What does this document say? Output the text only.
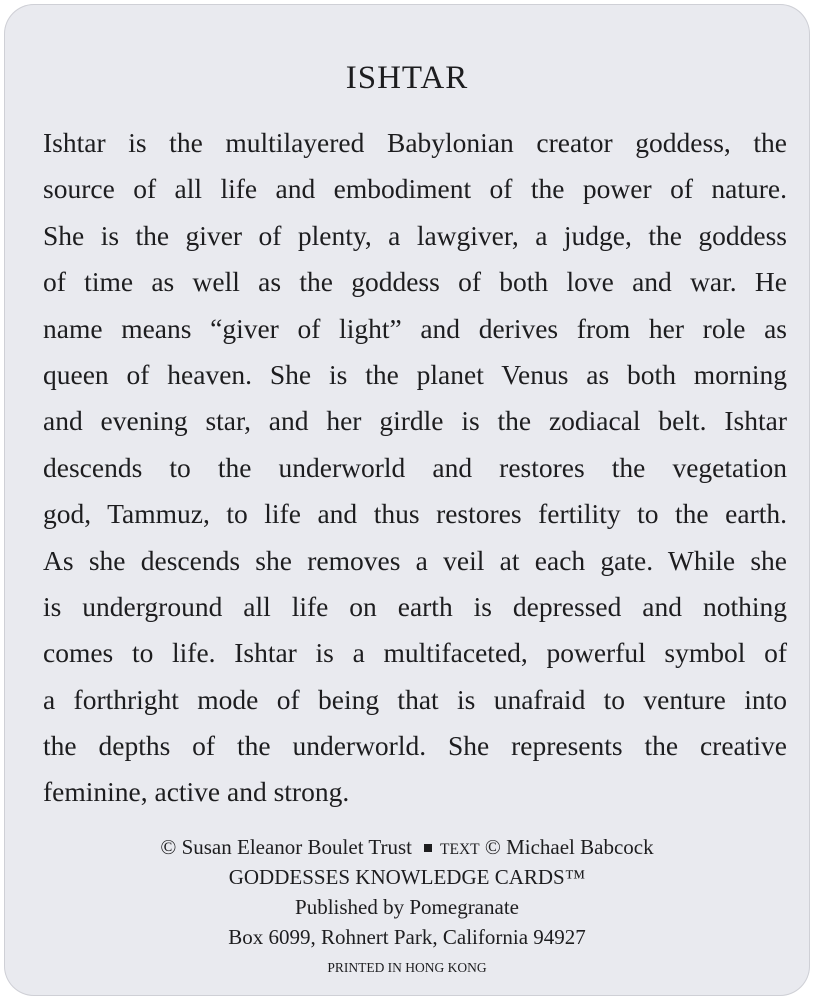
ISHTAR
Ishtar is the multilayered Babylonian creator goddess, the
source of all life and embodiment of the power of nature.
She is the giver of plenty, a lawgiver, a judge, the goddess
of time as well as the goddess of both love and war. He
name means “giver of light” and derives from her role as
queen of heaven. She is the planet Venus as both morning
and evening star, and her girdle is the zodiacal belt. Ishtar
descends to the underworld and restores the vegetation
god, Tammuz, to life and thus restores fertility to the earth.
As she descends she removes a veil at each gate. While she
is underground all life on earth is depressed and nothing
comes to life. Ishtar is a multifaceted, powerful symbol of
a forthright mode of being that is unafraid to venture into
the depths of the underworld. She represents the creative
feminine, active and strong.
© Susan Eleanor Boulet Trust TEXT © Michael Babcock
GODDESSES KNOWLEDGE CARDS™
Published by Pomegranate
Box 6099, Rohnert Park, California 94927
PRINTED IN HONG KONG
